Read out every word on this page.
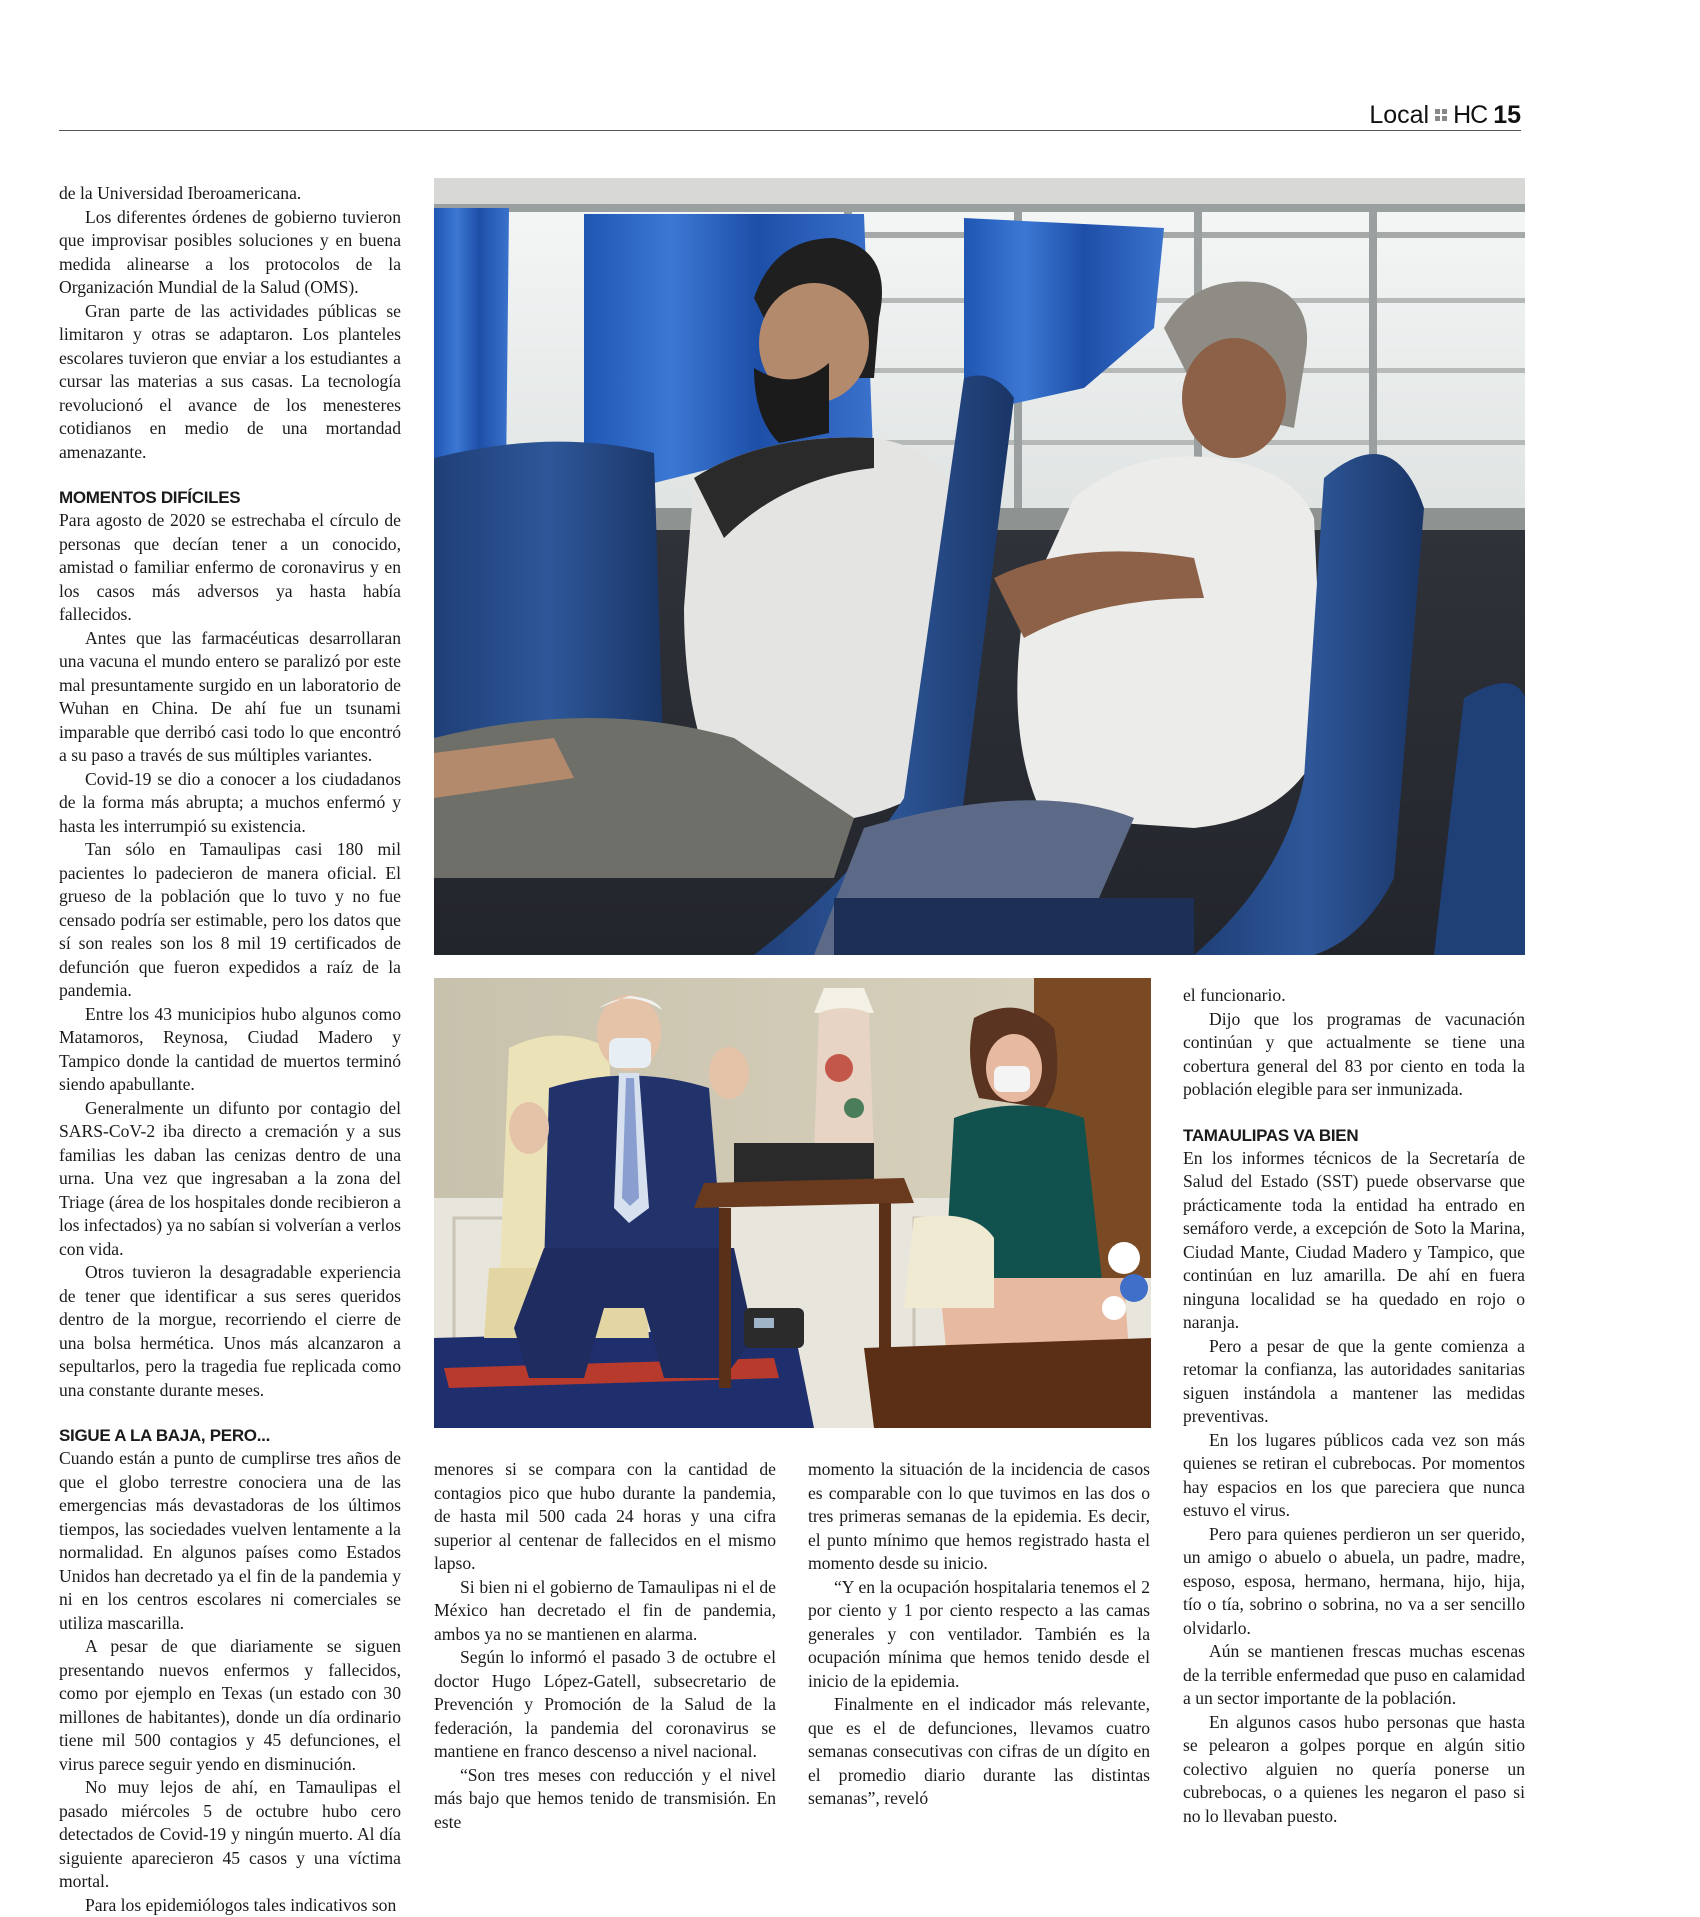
Local HC 15

de la Universidad Iberoamericana.

Los diferentes órdenes de gobierno tuvieron que improvisar posibles soluciones y en buena medida alinearse a los protocolos de la Organización Mundial de la Salud (OMS).

Gran parte de las actividades públicas se limitaron y otras se adaptaron. Los planteles escolares tuvieron que enviar a los estudiantes a cursar las materias a sus casas. La tecnología revolucionó el avance de los menesteres cotidianos en medio de una mortandad amenazante.

MOMENTOS DIFÍCILES

Para agosto de 2020 se estrechaba el círculo de personas que decían tener a un conocido, amistad o familiar enfermo de coronavirus y en los casos más adversos ya hasta había fallecidos.

Antes que las farmacéuticas desarrollaran una vacuna el mundo entero se paralizó por este mal presuntamente surgido en un laboratorio de Wuhan en China. De ahí fue un tsunami imparable que derribó casi todo lo que encontró a su paso a través de sus múltiples variantes.

Covid-19 se dio a conocer a los ciudadanos de la forma más abrupta; a muchos enfermó y hasta les interrumpió su existencia.

Tan sólo en Tamaulipas casi 180 mil pacientes lo padecieron de manera oficial. El grueso de la población que lo tuvo y no fue censado podría ser estimable, pero los datos que sí son reales son los 8 mil 19 certificados de defunción que fueron expedidos a raíz de la pandemia.

Entre los 43 municipios hubo algunos como Matamoros, Reynosa, Ciudad Madero y Tampico donde la cantidad de muertos terminó siendo apabullante.

Generalmente un difunto por contagio del SARS-CoV-2 iba directo a cremación y a sus familias les daban las cenizas dentro de una urna. Una vez que ingresaban a la zona del Triage (área de los hospitales donde recibieron a los infectados) ya no sabían si volverían a verlos con vida.

Otros tuvieron la desagradable experiencia de tener que identificar a sus seres queridos dentro de la morgue, recorriendo el cierre de una bolsa hermética. Unos más alcanzaron a sepultarlos, pero la tragedia fue replicada como una constante durante meses.

SIGUE A LA BAJA, PERO...

Cuando están a punto de cumplirse tres años de que el globo terrestre conociera una de las emergencias más devastadoras de los últimos tiempos, las sociedades vuelven lentamente a la normalidad. En algunos países como Estados Unidos han decretado ya el fin de la pandemia y ni en los centros escolares ni comerciales se utiliza mascarilla.

A pesar de que diariamente se siguen presentando nuevos enfermos y fallecidos, como por ejemplo en Texas (un estado con 30 millones de habitantes), donde un día ordinario tiene mil 500 contagios y 45 defunciones, el virus parece seguir yendo en disminución.

No muy lejos de ahí, en Tamaulipas el pasado miércoles 5 de octubre hubo cero detectados de Covid-19 y ningún muerto. Al día siguiente aparecieron 45 casos y una víctima mortal.

Para los epidemiólogos tales indicativos son

menores si se compara con la cantidad de contagios pico que hubo durante la pandemia, de hasta mil 500 cada 24 horas y una cifra superior al centenar de fallecidos en el mismo lapso.

Si bien ni el gobierno de Tamaulipas ni el de México han decretado el fin de pandemia, ambos ya no se mantienen en alarma.

Según lo informó el pasado 3 de octubre el doctor Hugo López-Gatell, subsecretario de Prevención y Promoción de la Salud de la federación, la pandemia del coronavirus se mantiene en franco descenso a nivel nacional.

“Son tres meses con reducción y el nivel más bajo que hemos tenido de transmisión. En este

momento la situación de la incidencia de casos es comparable con lo que tuvimos en las dos o tres primeras semanas de la epidemia. Es decir, el punto mínimo que hemos registrado hasta el momento desde su inicio.

“Y en la ocupación hospitalaria tenemos el 2 por ciento y 1 por ciento respecto a las camas generales y con ventilador. También es la ocupación mínima que hemos tenido desde el inicio de la epidemia.

Finalmente en el indicador más relevante, que es el de defunciones, llevamos cuatro semanas consecutivas con cifras de un dígito en el promedio diario durante las distintas semanas”, reveló

el funcionario.

Dijo que los programas de vacunación continúan y que actualmente se tiene una cobertura general del 83 por ciento en toda la población elegible para ser inmunizada.

TAMAULIPAS VA BIEN

En los informes técnicos de la Secretaría de Salud del Estado (SST) puede observarse que prácticamente toda la entidad ha entrado en semáforo verde, a excepción de Soto la Marina, Ciudad Mante, Ciudad Madero y Tampico, que continúan en luz amarilla. De ahí en fuera ninguna localidad se ha quedado en rojo o naranja.

Pero a pesar de que la gente comienza a retomar la confianza, las autoridades sanitarias siguen instándola a mantener las medidas preventivas.

En los lugares públicos cada vez son más quienes se retiran el cubrebocas. Por momentos hay espacios en los que pareciera que nunca estuvo el virus.

Pero para quienes perdieron un ser querido, un amigo o abuelo o abuela, un padre, madre, esposo, esposa, hermano, hermana, hijo, hija, tío o tía, sobrino o sobrina, no va a ser sencillo olvidarlo.

Aún se mantienen frescas muchas escenas de la terrible enfermedad que puso en calamidad a un sector importante de la población.

En algunos casos hubo personas que hasta se pelearon a golpes porque en algún sitio colectivo alguien no quería ponerse un cubrebocas, o a quienes les negaron el paso si no lo llevaban puesto.
